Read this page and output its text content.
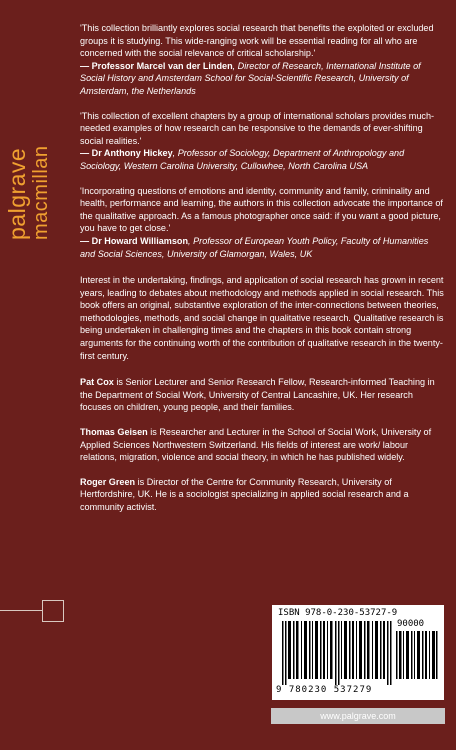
palgrave macmillan
'This collection brilliantly explores social research that benefits the exploited or excluded groups it is studying. This wide-ranging work will be essential reading for all who are concerned with the social relevance of critical scholarship.'
— Professor Marcel van der Linden, Director of Research, International Institute of Social History and Amsterdam School for Social-Scientific Research, University of Amsterdam, the Netherlands
'This collection of excellent chapters by a group of international scholars provides much-needed examples of how research can be responsive to the demands of ever-shifting social realities.'
— Dr Anthony Hickey, Professor of Sociology, Department of Anthropology and Sociology, Western Carolina University, Cullowhee, North Carolina USA
'Incorporating questions of emotions and identity, community and family, criminality and health, performance and learning, the authors in this collection advocate the importance of the qualitative approach. As a famous photographer once said: if you want a good picture, you have to get close.'
— Dr Howard Williamson, Professor of European Youth Policy, Faculty of Humanities and Social Sciences, University of Glamorgan, Wales, UK
Interest in the undertaking, findings, and application of social research has grown in recent years, leading to debates about methodology and methods applied in social research. This book offers an original, substantive exploration of the inter-connections between theories, methodologies, methods, and social change in qualitative research. Qualitative research is being undertaken in challenging times and the chapters in this book contain strong arguments for the continuing worth of the contribution of qualitative research in the twenty-first century.
Pat Cox is Senior Lecturer and Senior Research Fellow, Research-informed Teaching in the Department of Social Work, University of Central Lancashire, UK. Her research focuses on children, young people, and their families.
Thomas Geisen is Researcher and Lecturer in the School of Social Work, University of Applied Sciences Northwestern Switzerland. His fields of interest are work/ labour relations, migration, violence and social theory, in which he has published widely.
Roger Green is Director of the Centre for Community Research, University of Hertfordshire, UK. He is a sociologist specializing in applied social research and a community activist.
ISBN 978-0-230-53727-9
90000
9 780230 537279
www.palgrave.com
